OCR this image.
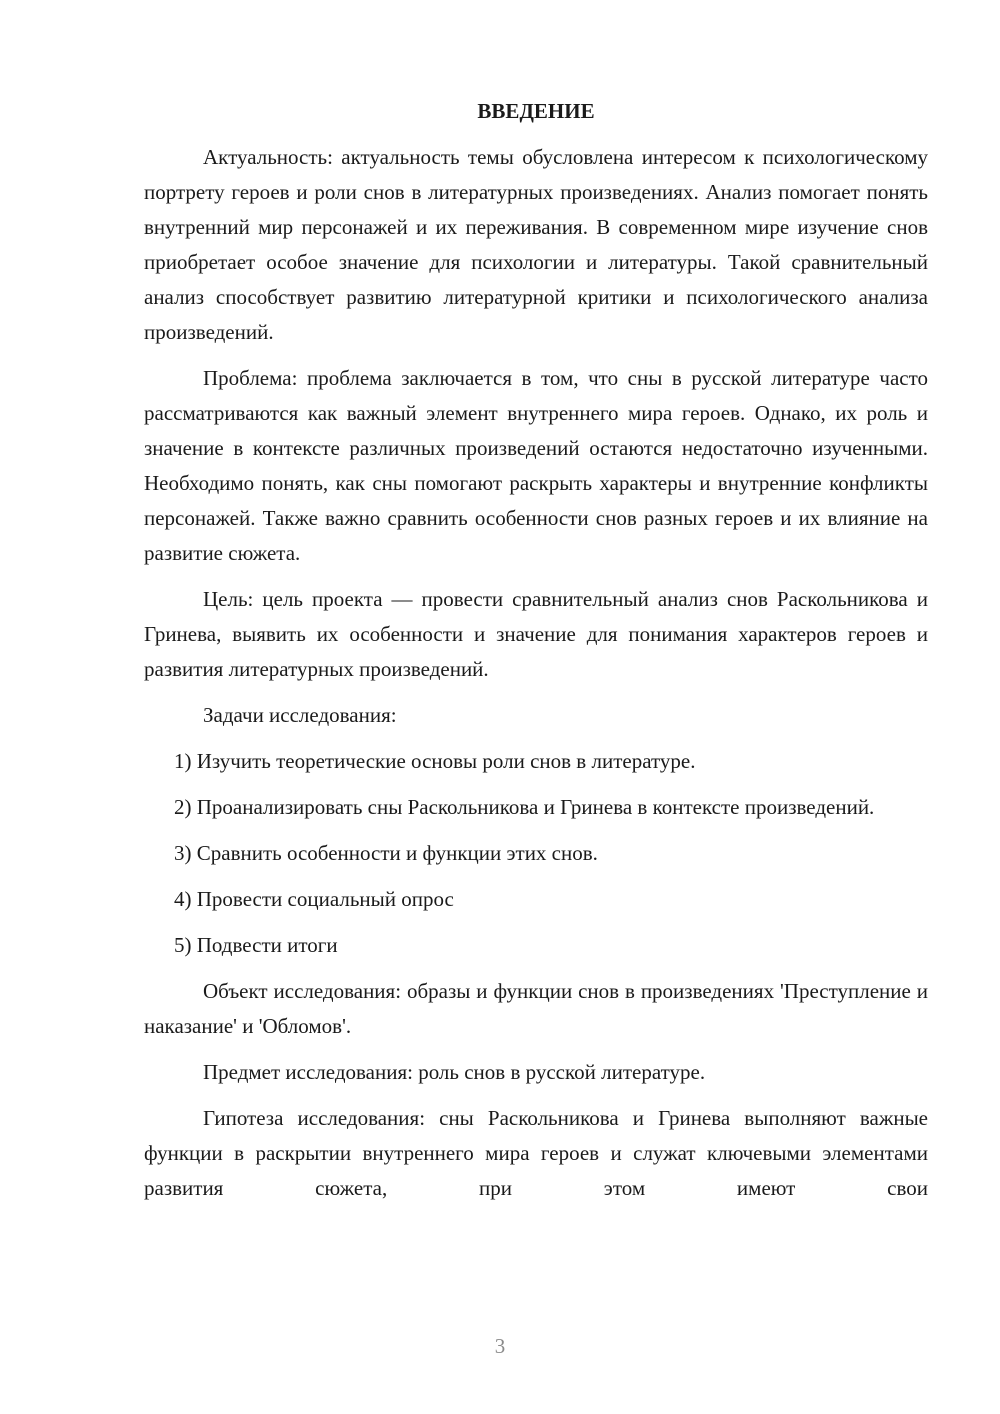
ВВЕДЕНИЕ

Актуальность: актуальность темы обусловлена интересом к психологическому портрету героев и роли снов в литературных произведениях. Анализ помогает понять внутренний мир персонажей и их переживания. В современном мире изучение снов приобретает особое значение для психологии и литературы. Такой сравнительный анализ способствует развитию литературной критики и психологического анализа произведений.

Проблема: проблема заключается в том, что сны в русской литературе часто рассматриваются как важный элемент внутреннего мира героев. Однако, их роль и значение в контексте различных произведений остаются недостаточно изученными. Необходимо понять, как сны помогают раскрыть характеры и внутренние конфликты персонажей. Также важно сравнить особенности снов разных героев и их влияние на развитие сюжета.

Цель: цель проекта — провести сравнительный анализ снов Раскольникова и Гринева, выявить их особенности и значение для понимания характеров героев и развития литературных произведений.

Задачи исследования:

1) Изучить теоретические основы роли снов в литературе.

2) Проанализировать сны Раскольникова и Гринева в контексте произведений.

3) Сравнить особенности и функции этих снов.

4) Провести социальный опрос

5) Подвести итоги

Объект исследования: образы и функции снов в произведениях 'Преступление и наказание' и 'Обломов'.

Предмет исследования: роль снов в русской литературе.

Гипотеза исследования: сны Раскольникова и Гринева выполняют важные функции в раскрытии внутреннего мира героев и служат ключевыми элементами развития сюжета, при этом имеют свои

3
